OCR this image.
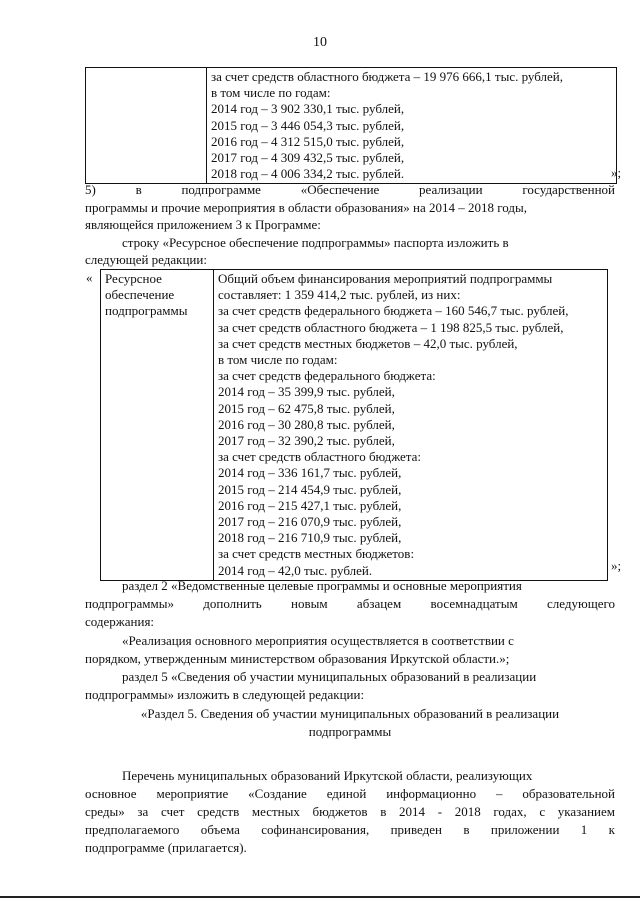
10

за счет средств областного бюджета – 19 976 666,1 тыс. рублей,
в том числе по годам:
2014 год – 3 902 330,1 тыс. рублей,
2015 год – 3 446 054,3 тыс. рублей,
2016 год – 4 312 515,0 тыс. рублей,
2017 год – 4 309 432,5 тыс. рублей,
2018 год – 4 006 334,2 тыс. рублей.	»;
5) в подпрограмме «Обеспечение реализации государственной
программы и прочие мероприятия в области образования» на 2014 – 2018 годы,
являющейся приложением 3 к Программе:
строку «Ресурсное обеспечение подпрограммы» паспорта изложить в
следующей редакции:
« Ресурсное
обеспечение
подпрограммы

Общий объем финансирования мероприятий подпрограммы
составляет: 1 359 414,2 тыс. рублей, из них:
за счет средств федерального бюджета – 160 546,7 тыс. рублей,
за счет средств областного бюджета – 1 198 825,5 тыс. рублей,
за счет средств местных бюджетов – 42,0 тыс. рублей,
в том числе по годам:
за счет средств федерального бюджета:
2014 год – 35 399,9 тыс. рублей,
2015 год – 62 475,8 тыс. рублей,
2016 год – 30 280,8 тыс. рублей,
2017 год – 32 390,2 тыс. рублей,
за счет средств областного бюджета:
2014 год – 336 161,7 тыс. рублей,
2015 год – 214 454,9 тыс. рублей,
2016 год – 215 427,1 тыс. рублей,
2017 год – 216 070,9 тыс. рублей,
2018 год – 216 710,9 тыс. рублей,
за счет средств местных бюджетов:
2014 год – 42,0 тыс. рублей.	»;
раздел 2 «Ведомственные целевые программы и основные мероприятия
подпрограммы» дополнить новым абзацем восемнадцатым следующего
содержания:
«Реализация основного мероприятия осуществляется в соответствии с
порядком, утвержденным министерством образования Иркутской области.»;
раздел 5 «Сведения об участии муниципальных образований в реализации
подпрограммы» изложить в следующей редакции:
«Раздел 5. Сведения об участии муниципальных образований в реализации
подпрограммы
Перечень муниципальных образований Иркутской области, реализующих
основное мероприятие «Создание единой информационно – образовательной
среды» за счет средств местных бюджетов в 2014 - 2018 годах, с указанием
предполагаемого объема софинансирования, приведен в приложении 1 к
подпрограмме (прилагается).
